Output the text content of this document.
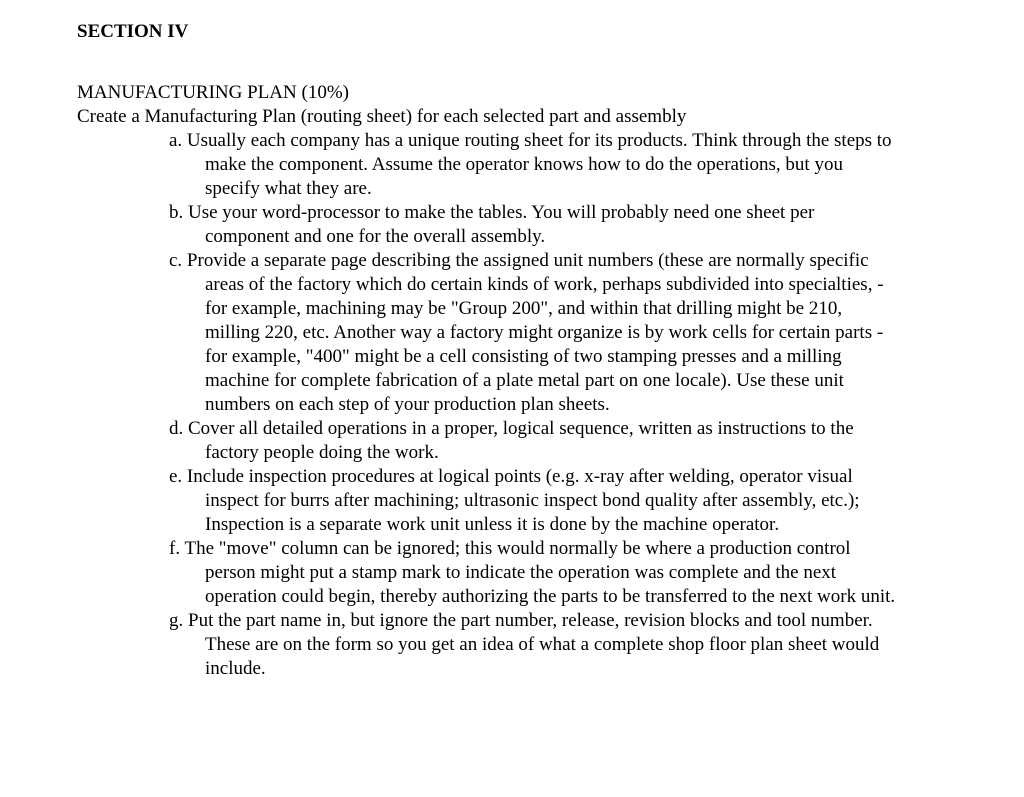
SECTION IV
MANUFACTURING PLAN (10%)
Create a Manufacturing Plan (routing sheet) for each selected part and assembly
a. Usually each company has a unique routing sheet for its products. Think through the steps to make the component. Assume the operator knows how to do the operations, but you specify what they are.
b. Use your word-processor to make the tables. You will probably need one sheet per component and one for the overall assembly.
c. Provide a separate page describing the assigned unit numbers (these are normally specific areas of the factory which do certain kinds of work, perhaps subdivided into specialties, -for example, machining may be "Group 200", and within that drilling might be 210, milling 220, etc. Another way a factory might organize is by work cells for certain parts - for example, "400" might be a cell consisting of two stamping presses and a milling machine for complete fabrication of a plate metal part on one locale). Use these unit numbers on each step of your production plan sheets.
d. Cover all detailed operations in a proper, logical sequence, written as instructions to the factory people doing the work.
e. Include inspection procedures at logical points (e.g. x-ray after welding, operator visual inspect for burrs after machining; ultrasonic inspect bond quality after assembly, etc.); Inspection is a separate work unit unless it is done by the machine operator.
f. The "move" column can be ignored; this would normally be where a production control person might put a stamp mark to indicate the operation was complete and the next operation could begin, thereby authorizing the parts to be transferred to the next work unit.
g. Put the part name in, but ignore the part number, release, revision blocks and tool number. These are on the form so you get an idea of what a complete shop floor plan sheet would include.
